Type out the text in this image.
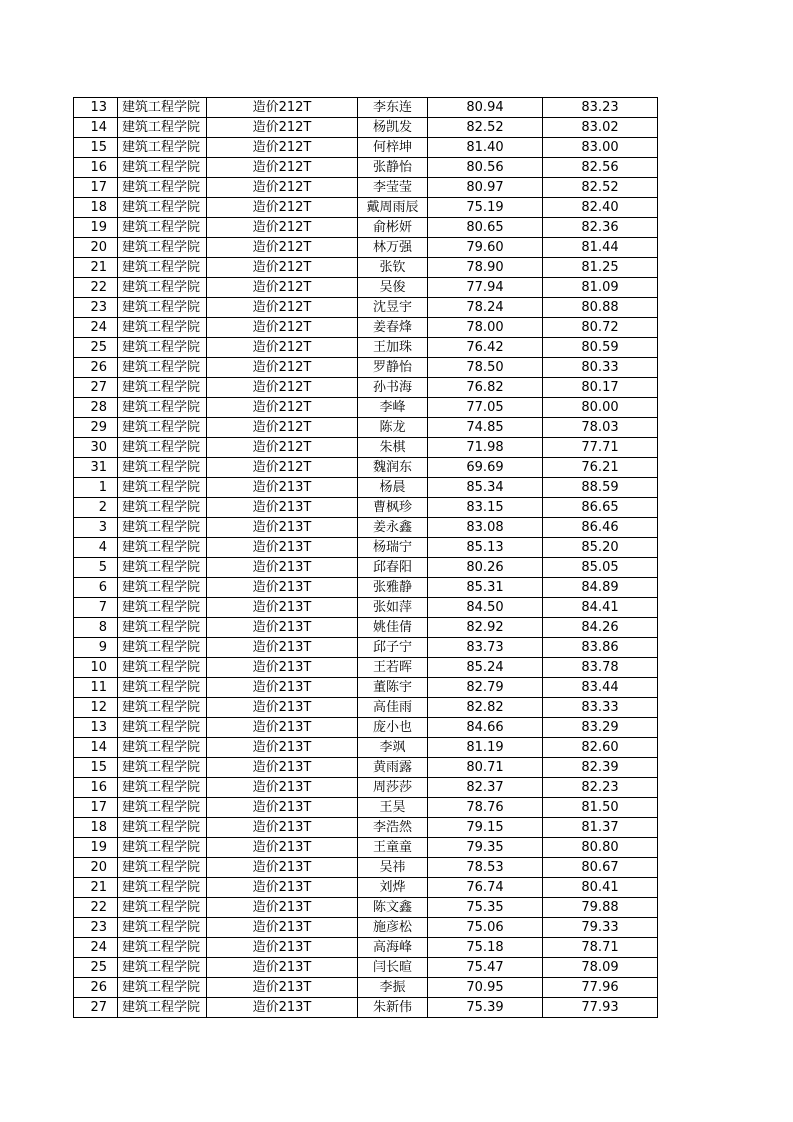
13	建筑工程学院	造价212T	李东连	80.94	83.23
14	建筑工程学院	造价212T	杨凯发	82.52	83.02
15	建筑工程学院	造价212T	何梓坤	81.40	83.00
16	建筑工程学院	造价212T	张静怡	80.56	82.56
17	建筑工程学院	造价212T	李莹莹	80.97	82.52
18	建筑工程学院	造价212T	戴周雨辰	75.19	82.40
19	建筑工程学院	造价212T	俞彬妍	80.65	82.36
20	建筑工程学院	造价212T	林万强	79.60	81.44
21	建筑工程学院	造价212T	张钦	78.90	81.25
22	建筑工程学院	造价212T	吴俊	77.94	81.09
23	建筑工程学院	造价212T	沈昱宇	78.24	80.88
24	建筑工程学院	造价212T	姜春烽	78.00	80.72
25	建筑工程学院	造价212T	王加珠	76.42	80.59
26	建筑工程学院	造价212T	罗静怡	78.50	80.33
27	建筑工程学院	造价212T	孙书海	76.82	80.17
28	建筑工程学院	造价212T	李峰	77.05	80.00
29	建筑工程学院	造价212T	陈龙	74.85	78.03
30	建筑工程学院	造价212T	朱棋	71.98	77.71
31	建筑工程学院	造价212T	魏润东	69.69	76.21
1	建筑工程学院	造价213T	杨晨	85.34	88.59
2	建筑工程学院	造价213T	曹枫珍	83.15	86.65
3	建筑工程学院	造价213T	姜永鑫	83.08	86.46
4	建筑工程学院	造价213T	杨瑞宁	85.13	85.20
5	建筑工程学院	造价213T	邱春阳	80.26	85.05
6	建筑工程学院	造价213T	张雅静	85.31	84.89
7	建筑工程学院	造价213T	张如萍	84.50	84.41
8	建筑工程学院	造价213T	姚佳倩	82.92	84.26
9	建筑工程学院	造价213T	邱子宁	83.73	83.86
10	建筑工程学院	造价213T	王若晖	85.24	83.78
11	建筑工程学院	造价213T	董陈宇	82.79	83.44
12	建筑工程学院	造价213T	高佳雨	82.82	83.33
13	建筑工程学院	造价213T	庞小也	84.66	83.29
14	建筑工程学院	造价213T	李飒	81.19	82.60
15	建筑工程学院	造价213T	黄雨露	80.71	82.39
16	建筑工程学院	造价213T	周莎莎	82.37	82.23
17	建筑工程学院	造价213T	王昊	78.76	81.50
18	建筑工程学院	造价213T	李浩然	79.15	81.37
19	建筑工程学院	造价213T	王童童	79.35	80.80
20	建筑工程学院	造价213T	吴祎	78.53	80.67
21	建筑工程学院	造价213T	刘烨	76.74	80.41
22	建筑工程学院	造价213T	陈文鑫	75.35	79.88
23	建筑工程学院	造价213T	施彦松	75.06	79.33
24	建筑工程学院	造价213T	高海峰	75.18	78.71
25	建筑工程学院	造价213T	闫长暄	75.47	78.09
26	建筑工程学院	造价213T	李振	70.95	77.96
27	建筑工程学院	造价213T	朱新伟	75.39	77.93
